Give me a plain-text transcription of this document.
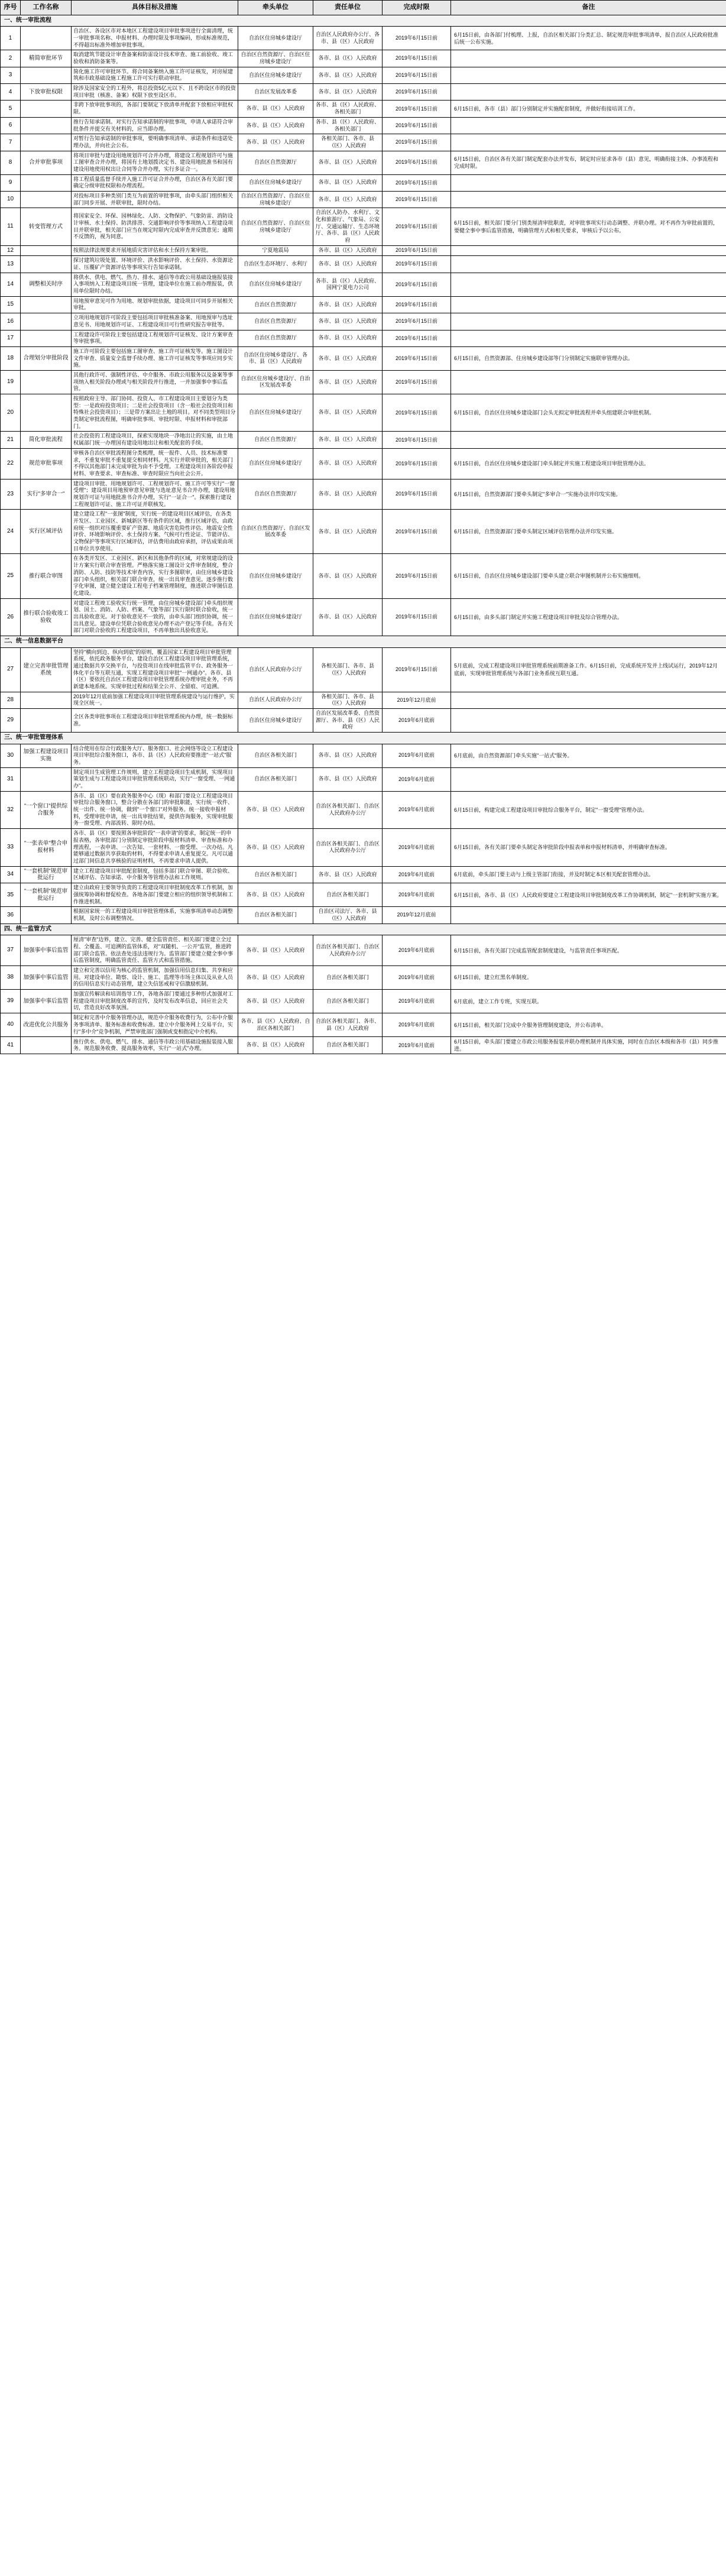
序号	工作名称	具体目标及措施	牵头单位	责任单位	完成时限	备注
一、统一审批流程						
1		自治区、各设区市对本地区工程建设项目审批事项进行全面清理，统一审批事项名称、申报材料、办理时限及事项编码，形成标准规范，不得超出标准外增加审批事项。	自治区住房城乡建设厅	自治区人民政府办公厅、各市、县（区）人民政府	2019年6月15日前	6月15日前，由各部门付梳理、上报，自治区相关部门分类汇总、制定规范审批事项清单，报自治区人民政府批准后统一公布实施。
2	精简审批环节	取消建筑节能设计审查备案和防雷设计技术审查、施工前验收、竣工验收和消防备案等。	自治区自然资源厅、自治区住房城乡建设厅	各市、县（区）人民政府	2019年6月15日前	
3		简化施工许可审批环节。将合同备案纳入施工许可证核发，对房屋建筑和市政基础设施工程施工许可实行联动审批。	自治区住房城乡建设厅	各市、县（区）人民政府	2019年6月15日前	
4	下放审批权限	除涉及国家安全的工程外，将总投资5亿元以下、且不跨设区市的投资项目审批（核准、备案）权限下放至设区市。	自治区发展改革委	各市、县（区）人民政府	2019年6月15日前	
5		非跨下放审批事项的，各部门要制定下放清单并配套下放相应审批权限。	各市、县（区）人民政府	各市、县（区）人民政府、各相关部门	2019年6月15日前	6月15日前，各市（县）部门分别制定并实施配套制度，并做好衔接培训工作。
6		推行告知承诺制。对实行告知承诺制的审批事项，申请人承诺符合审批条件并提交有关材料的，应当即办理。	各市、县（区）人民政府	各市、县（区）人民政府、各相关部门	2019年6月15日前	
7		对暂行告知承诺制的审批事项，要明确事项清单、承诺条件和违诺处理办法，并向社会公布。	各市、县（区）人民政府	各相关部门、各市、县（区）人民政府	2019年6月15日前	
8	合并审批事项	将项目审批与建设用地规划许可合并办理，将建设工程规划许可与施工图审查合并办理，将国有土地划拨决定书、建设用地批准书和国有建设用地使用权出让合同等合并办理，实行多证合一。	自治区自然资源厅	各市、县（区）人民政府	2019年6月15日前	6月15日前，自治区各有关部门制定配套办法并发布，制定时应征求各市（县）意见，明确衔接主体、办事流程和完成时限。
9		将工程质量监督手续并入施工许可证合并办理，自治区各有关部门要确定分级审批权限和办理流程。	自治区住房城乡建设厅	各市、县（区）人民政府	2019年6月15日前	
10		对投标项目多种类别门类互为前置的审批事项，由牵头部门组织相关部门同步开展、并联审批，限时办结。	自治区自然资源厅、自治区住房城乡建设厅	各市、县（区）人民政府	2019年6月15日前	
11	转变管理方式	将国家安全、环保、园林绿化、人防、文物保护、气象防雷、消防设计审核、水土保持、防洪排涝、交通影响评价等事项纳入工程建设项目并联审批，相关部门应当在规定时限内完成审查并反馈意见；逾期不反馈的，视为同意。	自治区自然资源厅、自治区住房城乡建设厅	自治区人防办、水利厅、文化和旅游厅、气象局、公安厅、交通运输厅、生态环境厅、各市、县（区）人民政府	2019年6月15日前	6月15日前，相关部门要分门别类厘清审批职责，对审批事项实行动态调整、并联办理。对不再作为审批前置的，要健全事中事后监管措施，明确管理方式和相关要求，审核后予以公布。
12		按照法律法规要求开展地质灾害评估和水土保持方案审批。	宁夏地震局	各市、县（区）人民政府	2019年6月15日前	
13		探讨建筑垃圾处置、环境评价、洪水影响评价、水土保持、水资源论证、压覆矿产资源评估等事项实行告知承诺制。	自治区生态环境厅、水利厅	各市、县（区）人民政府	2019年6月15日前	
14	调整相关时序	将供水、供电、燃气、热力、排水、通信等市政公用基础设施报装接入事项纳入工程建设项目统一管理，建设单位在施工前办理报装，供用单位限时办结。	自治区住房城乡建设厅	各市、县（区）人民政府、国网宁夏电力公司	2019年6月15日前	
15		用地预审意见可作为用地、规划审批依据，建设项目可同步开展相关审批。	自治区自然资源厅	各市、县（区）人民政府	2019年6月15日前	
16		立项用地规划许可阶段主要包括项目审批核准备案、用地预审与选址意见书、用地规划许可证、工程建设项目可行性研究报告审批等。	自治区自然资源厅	各市、县（区）人民政府	2019年6月15日前	
17		工程建设许可阶段主要包括建设工程规划许可证核发、设计方案审查等审批事项。	自治区自然资源厅	各市、县（区）人民政府	2019年6月15日前	
18	合理划分审批阶段	施工许可阶段主要包括施工图审查、施工许可证核发等。施工图设计文件审查、质量安全监督手续办理、施工许可证核发等事项应同步实施。	自治区住房城乡建设厅、各市、县（区）人民政府	各市、县（区）人民政府	2019年6月15日前	6月15日前，自然资源部、住房城乡建设部等门分别制定实施联审管理办法。
19		其他行政许可、强制性评估、中介服务、市政公用服务以及备案等事项纳入相关阶段办理或与相关阶段并行推进，一并加强事中事后监管。	自治区住房城乡建设厅、自治区发展改革委	各市、县（区）人民政府	2019年6月15日前	
20		按照政府主导、部门协同、投资人、市工程建设项目主要划分为类型：一是政府投资项目；二是社会投资项目（含一般社会投资项目和特殊社会投资项目）；三是带方案出让土地的项目。对不同类型项目分类制定审批流程图，明确审批事项、审批时限、申报材料和审批部门。	自治区住房城乡建设厅	各市、县（区）人民政府	2019年6月15日前	6月15日前，自治区住房城乡建设部门会头无拟定审批流程并牵头组建联合审批机制。
21	简化审批流程	社会投资的工程建设项目，探索实现地块一净地出让的实施，由土地权属部门统一办理国有建设用地出让和相关配套的手续。	自治区自然资源厅	各市、县（区）人民政府	2019年6月15日前	
22	规范审批事项	审核各自治区审批流程图分类梳理，统一报件、人员、技术标准要求，不重复审批不重复提交相同材料。凡实行并联审批的，相关部门不得以其他部门未完成审批为由不予受理。工程建设项目各阶段申报材料、审查要求、审查标准、审查时限应当向社会公开。	自治区住房城乡建设厅	各市、县（区）人民政府	2019年6月15日前	6月15日前，自治区住房城乡建设部门牵头制定并实施工程建设项目审批管理办法。
23	实行"多审合一"	建设项目审批、用地规划许可、工程规划许可、施工许可等实行"一窗受理"；建设项目用地预审意见审批与选址意见书合并办理，建设用地规划许可证与用地批准书合并办理，实行"一证合一"。探索推行建设工程规划许可证、施工许可证并联核发。	自治区自然资源厅	各市、县（区）人民政府	2019年6月15日前	6月15日前，自然资源部门要牵头制定"多审合一"实施办法并印发实施。
24	实行区域评估	建立建设工程"一张图"制度，实行统一的建设项目区域评估，在各类开发区、工业园区、新城新区等有条件的区域，推行区域评估，由政府统一组织对压覆重要矿产资源、地质灾害危险性评估、地震安全性评价、环境影响评价、水土保持方案、气候可行性论证、节能评估、文物保护等事项实行区域评估，评估费用由政府承担，评估成果由项目单位共享使用。	自治区自然资源厅、自治区发展改革委	各市、县（区）人民政府	2019年6月15日前	6月15日前，自然资源部门要牵头制定区域评估管理办法并印发实施。
25	推行联合审图	在各类开发区、工业园区、新区和其他条件的区域，对常规建设的设计方案实行联合审查管理。严格落实施工图设计文件审查制度，整合消防、人防、技防等技术审查内容，实行多图联审，由住房城乡建设部门牵头组织，相关部门联合审查，统一出具审查意见。逐步推行数字化审图，建立健全建设工程电子档案管理制度，推进联合审图信息化建设。	自治区住房城乡建设厅	各市、县（区）人民政府	2019年6月15日前	6月15日前，自治区住房城乡建设部门要牵头建立联合审图机制并公布实施细则。
26	推行联合验收竣工验收	对建设工程竣工验收实行统一管理，由住房城乡建设部门牵头组织规划、国土、消防、人防、档案、气象等部门实行限时联合验收，统一出具验收意见。对于验收意见不一致的，由牵头部门组织协调，统一出具意见。建设单位凭联合验收意见办理不动产登记等手续。各有关部门对联合验收的工程建设项目，不再单独出具验收意见。	自治区住房城乡建设厅	各市、县（区）人民政府	2019年6月15日前	6月15日前，由多头部门制定并实施工程建设项目审批及综合管理办法。
二、统一信息数据平台						
27	建立完善审批管理系统	坚持"横向到边、纵向到底"的原则，覆盖国家工程建设项目审批管理系统，依托政务服务平台，建设自治区工程建设项目审批管理系统，通过数据共享交换平台，与投资项目在线审批监管平台、政务服务一体化平台等互联互通，实现工程建设项目审批"一网通办"。各市、县（区）要依托自治区工程建设项目审批管理系统办理审批业务，不再新建本地系统。实现审批过程和结果全公开、全留痕、可追溯。	自治区人民政府办公厅	各相关部门、各市、县（区）人民政府	2019年6月15日前	5月底前，完成工程建设项目审批管理系统前期准备工作。6月15日前，完成系统开发并上线试运行，2019年12月底前，实现审批管理系统与各部门业务系统互联互通。
28		2019年12月底前加强工程建设项目审批管理系统建设与运行维护，实现全区统一。	自治区人民政府办公厅	各相关部门、各市、县（区）人民政府	2019年12月底前	
29		全区各类审批事项在工程建设项目审批管理系统内办理，统一数据标准。	自治区住房城乡建设厅	自治区发展改革委、自然资源厅、各市、县（区）人民政府	2019年6月底前	
三、统一审批管理体系						
30	加强工程建设项目实施	结合使用在综合行政服务大厅、服务窗口、社会网络等设立工程建设项目审批综合服务窗口，各市、县（区）人民政府要推进"一站式"服务。	自治区各相关部门	各市、县（区）人民政府	2019年6月底前	6月底前，由自然资源部门牵头实施"一站式"服务。
31		制定项目生成管理工作规则，建立工程建设项目生成机制，实现项目策划生成与工程建设项目审批管理系统联动，实行"一窗受理、一网通办"。	自治区各相关部门	各市、县（区）人民政府	2019年6月底前	
32	"一个窗口"提供综合服务	各市、县（区）要在政务服务中心（现）和部门要设立工程建设项目审批综合服务窗口，整合分散在各部门的审批职能，实行统一收件、统一出件、统一协调，做到"一个窗口"对外服务。统一接收申报材料，受理审批申请，统一出具审批结果，提供咨询服务，实现审批服务一窗受理、内部流转、限时办结。	各市、县（区）人民政府	自治区各相关部门、自治区人民政府办公厅	2019年6月底前	6月15日前，构建完成工程建设项目审批综合服务平台，制定"一窗受理"管理办法。
33	"一张表单"整合申报材料	各市、县（区）要按照各审批阶段"一表申请"的要求，制定统一的申报表格，各审批部门分别制定审批阶段申报材料清单、审查标准和办理流程，一表申请、一次告知、一套材料、一窗受理、一次办结。凡能够通过数据共享获取的材料，不得要求申请人重复提交。凡可以通过部门间信息共享核验的证明材料，不再要求申请人提供。	各市、县（区）人民政府	自治区各相关部门、自治区人民政府办公厅	2019年6月底前	6月15日前，各有关部门要牵头制定各审批阶段申报表单和申报材料清单，并明确审查标准。
34	"一套机制"规范审批运行	建立工程建设项目审批配套制度，包括多部门联合审图、联合验收、区域评估、告知承诺、中介服务等管理办法和工作规则。	自治区各相关部门	各市、县（区）人民政府	2019年6月底前	6月底前，牵头部门要主动与上级主管部门衔接，并及时制定本区相关配套管理办法。
35	"一套机制"规范审批运行	建立由政府主要领导负责的工程建设项目审批制度改革工作机制，加强统筹协调和督促检查。各地各部门要建立相应的组织领导机制和工作推进机制。	各市、县（区）人民政府	自治区各相关部门	2019年6月底前	6月15日前，各市、县（区）人民政府要建立工程建设项目审批制度改革工作协调机制，制定"一套机制"实施方案。
36		根据国家统一的工程建设项目审批管理体系，实施事项清单动态调整机制，及时公布调整情况。	自治区各相关部门	自治区司法厅、各市、县（区）人民政府	2019年12月底前	
四、统一监管方式						
37	加强事中事后监管	厘清"审查"边界，建立、完善、健全监管责任、相关部门要建立全过程、全覆盖、可追溯的监管体系，对"双随机、一公开"监管，推进跨部门联合监管。依法查处违法违规行为。监管部门要建立健全事中事后监管制度，明确监管责任、监管方式和监管措施。	各市、县（区）人民政府	自治区各相关部门、自治区人民政府办公厅	2019年6月底前	6月15日前，各有关部门完成监管配套制度建设，与监管责任事项匹配。
38	加强事中事后监管	建立和完善以信用为核心的监管机制，加强信用信息归集、共享和应用。对建设单位、勘察、设计、施工、监理等市场主体以及从业人员的信用信息实行动态管理，建立失信惩戒和守信激励机制。	各市、县（区）人民政府	自治区各相关部门	2019年6月底前	6月15日前，建立红黑名单制度。
39	加强事中事后监管	加强宣传解读和培训指导工作，各地各部门要通过多种形式加强对工程建设项目审批制度改革的宣传，及时发布改革信息，回应社会关切，营造良好改革氛围。	各市、县（区）人民政府	自治区各相关部门	2019年6月底前	6月底前，建立工作专班，实现互联。
40	改进优化公共服务	制定和完善中介服务管理办法，规范中介服务收费行为，公布中介服务事项清单、服务标准和收费标准。建立中介服务网上交易平台，实行"多中介"竞争机制，严禁审批部门强制或变相指定中介机构。	各市、县（区）人民政府、自治区各相关部门	自治区各相关部门、各市、县（区）人民政府	2019年6月底前	6月15日前，相关部门完成中介服务管理制度建设，并公布清单。
41		推行供水、供电、燃气、排水、通信等市政公用基础设施报装接入服务。规范服务收费、提高服务效率，实行"一站式"办理。	各市、县（区）人民政府	自治区各相关部门	2019年6月底前	6月15日前，牵头部门要建立市政公用服务报装并联办理机制并具体实施，同时在自治区本级和各市（县）同步推进。
